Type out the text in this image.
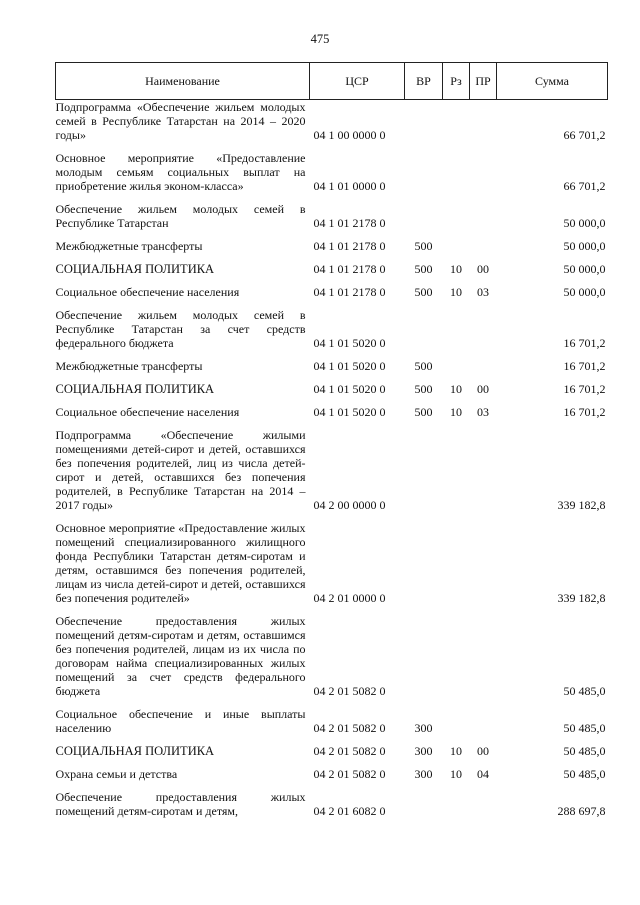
475
Наименование	ЦСР	ВР	Рз	ПР	Сумма
Подпрограмма «Обеспечение жильем молодых семей в Республике Татарстан на 2014 – 2020 годы»	04 1 00 0000 0				66 701,2
Основное мероприятие «Предоставление молодым семьям социальных выплат на приобретение жилья эконом-класса»	04 1 01 0000 0				66 701,2
Обеспечение жильем молодых семей в Республике Татарстан	04 1 01 2178 0				50 000,0
Межбюджетные трансферты	04 1 01 2178 0	500			50 000,0
СОЦИАЛЬНАЯ ПОЛИТИКА	04 1 01 2178 0	500	10	00	50 000,0
Социальное обеспечение населения	04 1 01 2178 0	500	10	03	50 000,0
Обеспечение жильем молодых семей в Республике Татарстан за счет средств федерального бюджета	04 1 01 5020 0				16 701,2
Межбюджетные трансферты	04 1 01 5020 0	500			16 701,2
СОЦИАЛЬНАЯ ПОЛИТИКА	04 1 01 5020 0	500	10	00	16 701,2
Социальное обеспечение населения	04 1 01 5020 0	500	10	03	16 701,2
Подпрограмма «Обеспечение жилыми помещениями детей-сирот и детей, оставшихся без попечения родителей, лиц из числа детей-сирот и детей, оставшихся без попечения родителей, в Республике Татарстан на 2014 – 2017 годы»	04 2 00 0000 0				339 182,8
Основное мероприятие «Предоставление жилых помещений специализированного жилищного фонда Республики Татарстан детям-сиротам и детям, оставшимся без попечения родителей, лицам из числа детей-сирот и детей, оставшихся без попечения родителей»	04 2 01 0000 0				339 182,8
Обеспечение предоставления жилых помещений детям-сиротам и детям, оставшимся без попечения родителей, лицам из их числа по договорам найма специализированных жилых помещений за счет средств федерального бюджета	04 2 01 5082 0				50 485,0
Социальное обеспечение и иные выплаты населению	04 2 01 5082 0	300			50 485,0
СОЦИАЛЬНАЯ ПОЛИТИКА	04 2 01 5082 0	300	10	00	50 485,0
Охрана семьи и детства	04 2 01 5082 0	300	10	04	50 485,0
Обеспечение предоставления жилых помещений детям-сиротам и детям,	04 2 01 6082 0				288 697,8
